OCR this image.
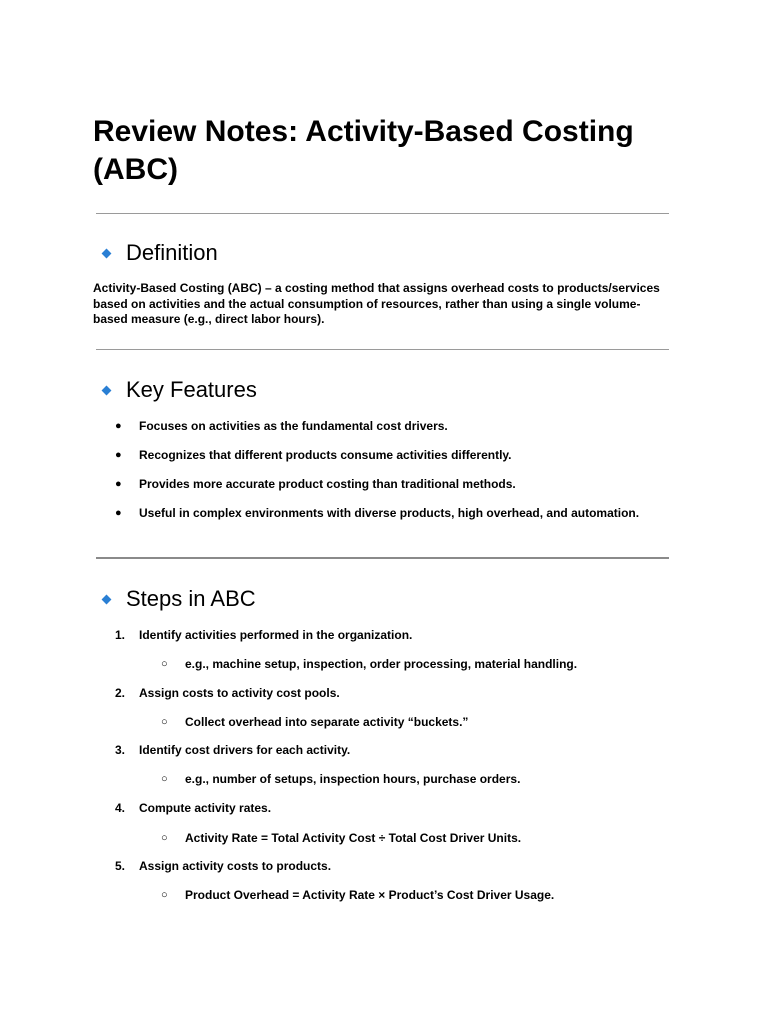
Review Notes: Activity-Based Costing (ABC)
Definition

Activity-Based Costing (ABC) – a costing method that assigns overhead costs to products/services based on activities and the actual consumption of resources, rather than using a single volume-based measure (e.g., direct labor hours).

Key Features
●	Focuses on activities as the fundamental cost drivers.
●	Recognizes that different products consume activities differently.
●	Provides more accurate product costing than traditional methods.
●	Useful in complex environments with diverse products, high overhead, and automation.
Steps in ABC
1.	Identify activities performed in the organization.
○	e.g., machine setup, inspection, order processing, material handling.
2.	Assign costs to activity cost pools.
○	Collect overhead into separate activity “buckets.”
3.	Identify cost drivers for each activity.
○	e.g., number of setups, inspection hours, purchase orders.
4.	Compute activity rates.
○	Activity Rate = Total Activity Cost ÷ Total Cost Driver Units.
5.	Assign activity costs to products.
○	Product Overhead = Activity Rate × Product’s Cost Driver Usage.
